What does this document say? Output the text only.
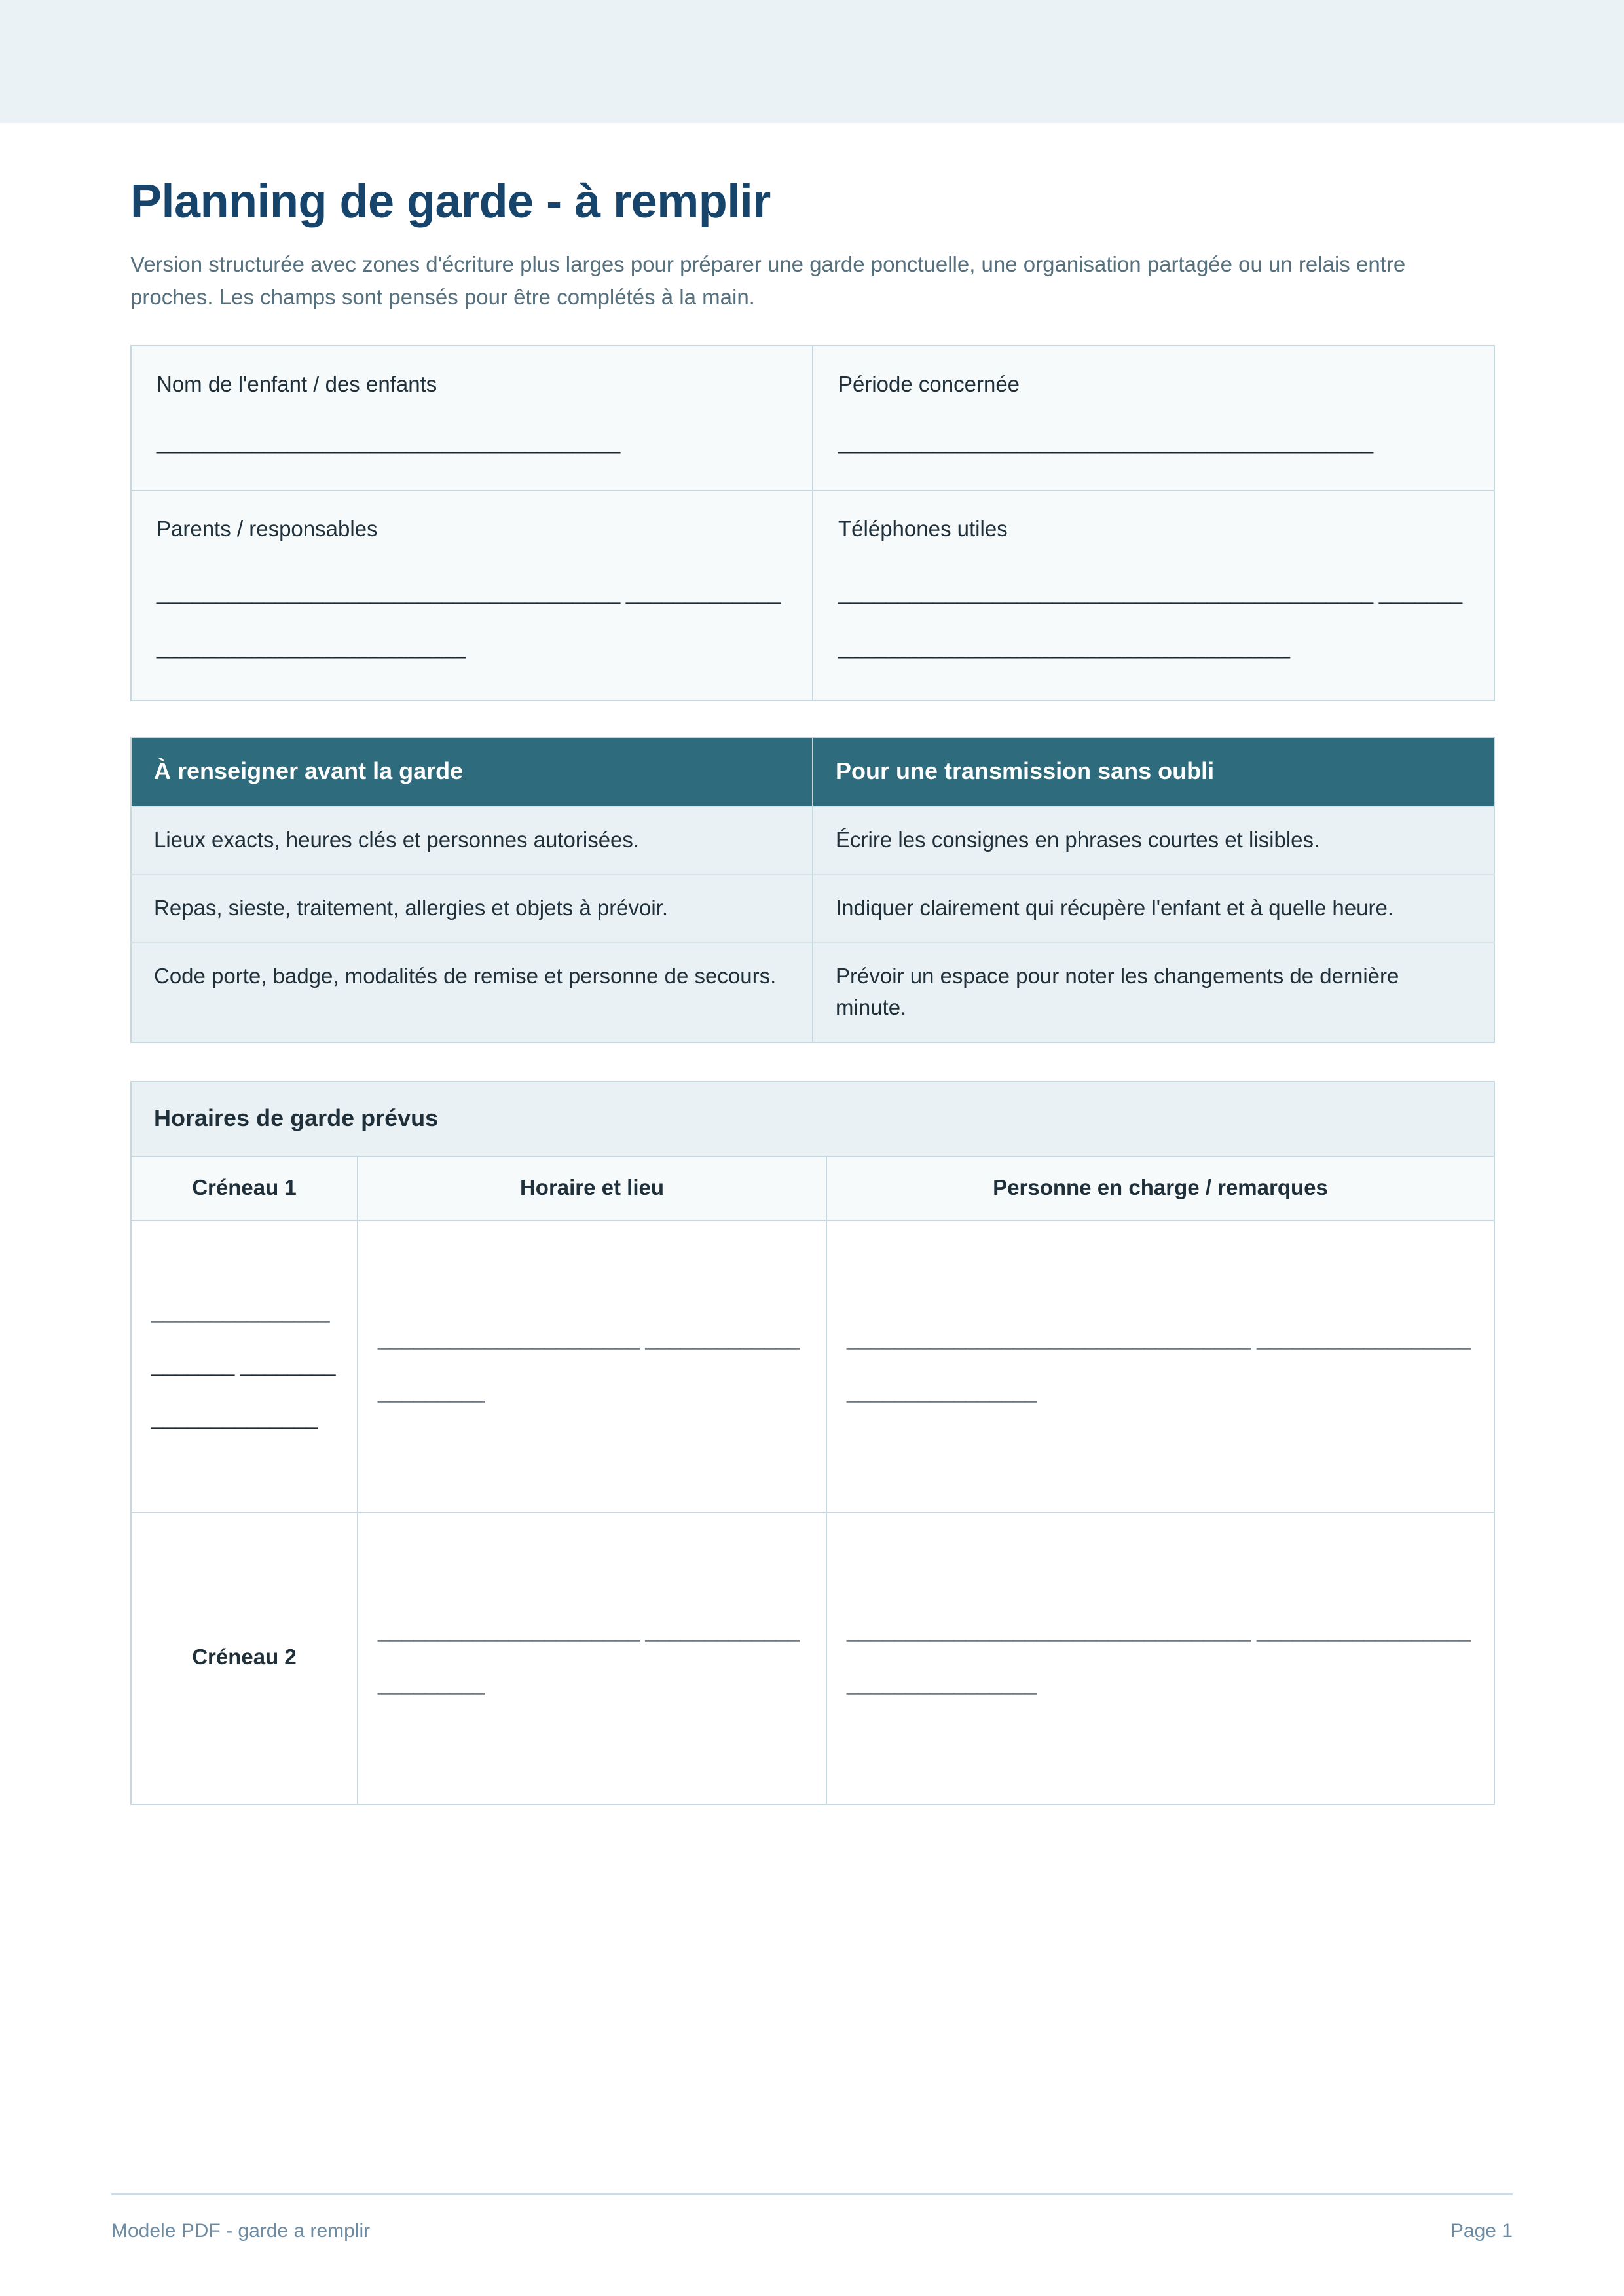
Planning de garde - à remplir

Version structurée avec zones d'écriture plus larges pour préparer une garde ponctuelle, une organisation partagée ou un relais entre proches. Les champs sont pensés pour être complétés à la main.

Nom de l'enfant / des enfants
_______________________________________

Période concernée
_____________________________________________

Parents / responsables
_______________________________________ _______________________________________

Téléphones utiles
_____________________________________________ _____________________________________________
À renseigner avant la garde	Pour une transmission sans oubli
Lieux exacts, heures clés et personnes autorisées.	Écrire les consignes en phrases courtes et lisibles.
Repas, sieste, traitement, allergies et objets à prévoir.	Indiquer clairement qui récupère l'enfant et à quelle heure.
Code porte, badge, modalités de remise et personne de secours.	Prévoir un espace pour noter les changements de dernière minute.
Horaires de garde prévus		
Créneau 1	Horaire et lieu	Personne en charge / remarques

______________________ ______________________	______________________ ______________________	__________________________________ __________________________________

Créneau 2	______________________ ______________________	__________________________________ __________________________________
Modele PDF - garde a remplir	Page 1
